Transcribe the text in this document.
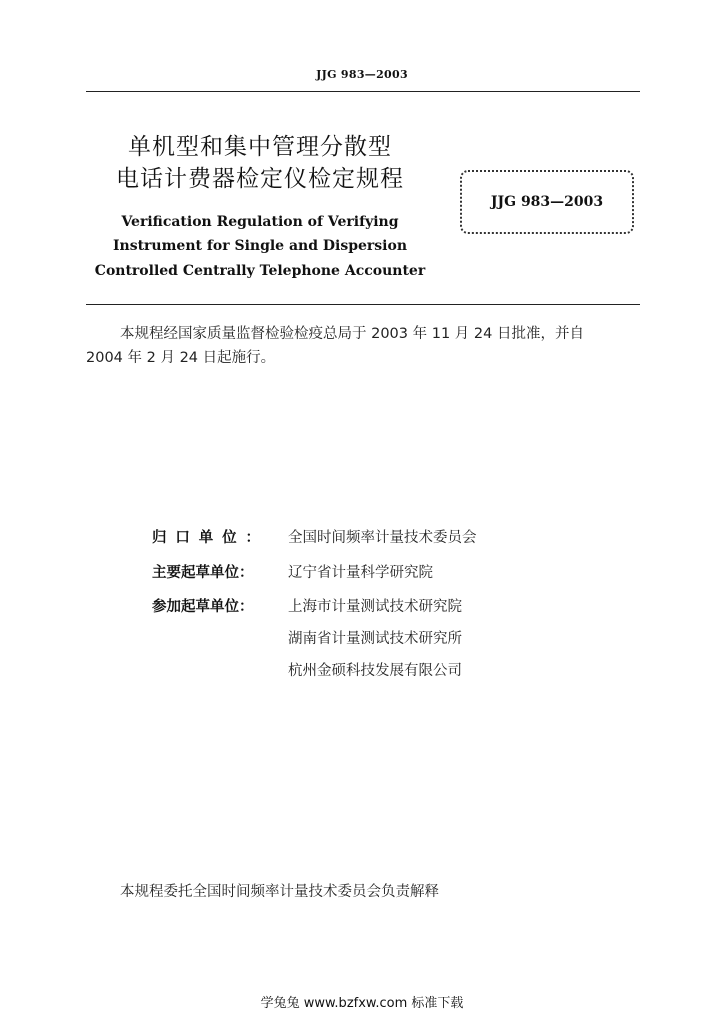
JJG 983—2003
单机型和集中管理分散型
电话计费器检定仪检定规程
JJG 983—2003
Verification Regulation of Verifying
Instrument for Single and Dispersion
Controlled Centrally Telephone Accounter
本规程经国家质量监督检验检疫总局于 2003 年 11 月 24 日批准，并自
2004 年 2 月 24 日起施行。
归 口 单 位 ： 全国时间频率计量技术委员会
主要起草单位： 辽宁省计量科学研究院
参加起草单位： 上海市计量测试技术研究院
湖南省计量测试技术研究所
杭州金硕科技发展有限公司
本规程委托全国时间频率计量技术委员会负责解释
学兔兔 www.bzfxw.com 标准下载
